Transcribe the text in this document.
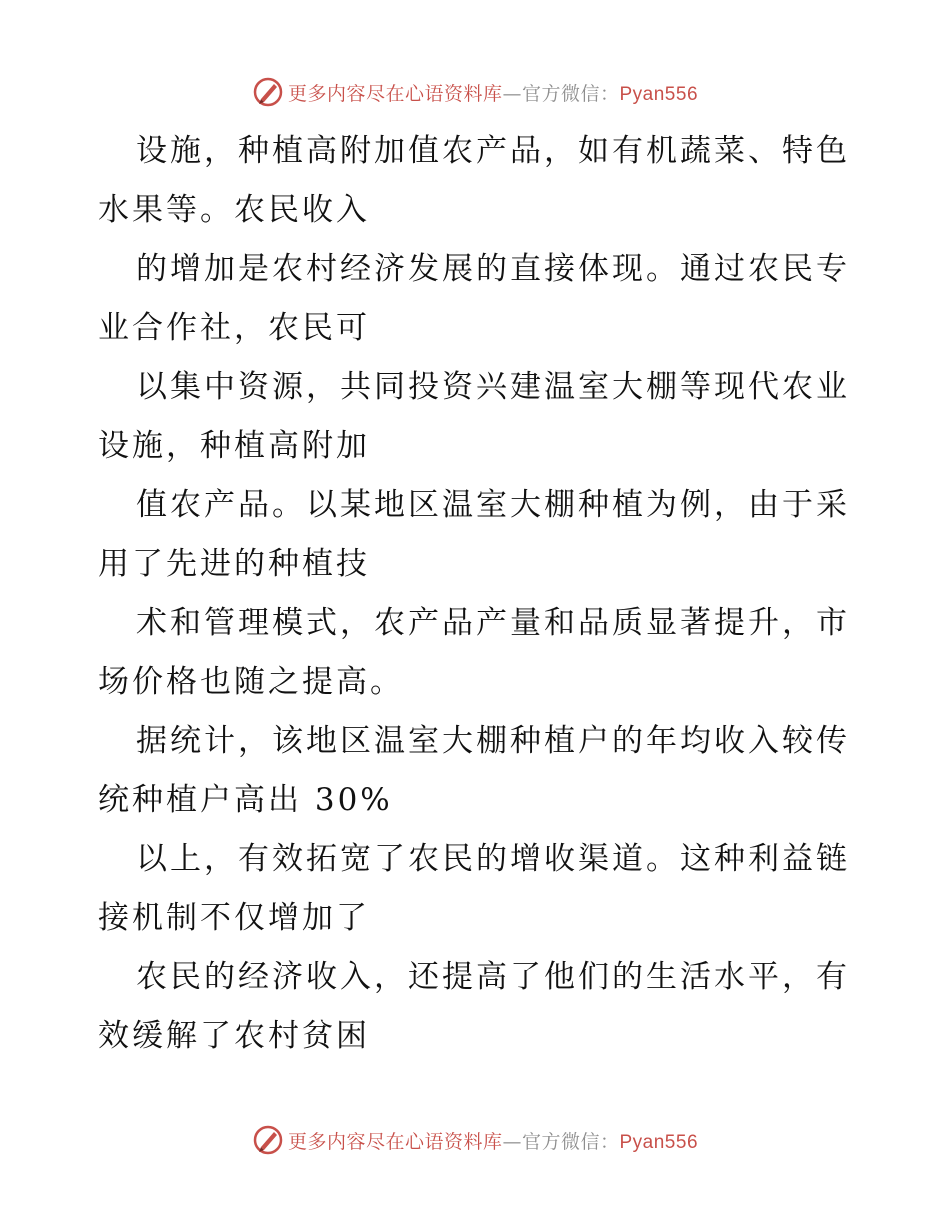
更多内容尽在心语资料库—官方微信：Pyan556

设施，种植高附加值农产品，如有机蔬菜、特色
水果等。农民收入

的增加是农村经济发展的直接体现。通过农民专
业合作社，农民可

以集中资源，共同投资兴建温室大棚等现代农业
设施，种植高附加

值农产品。以某地区温室大棚种植为例，由于采
用了先进的种植技

术和管理模式，农产品产量和品质显著提升，市
场价格也随之提高。

据统计，该地区温室大棚种植户的年均收入较传
统种植户高出 30%

以上，有效拓宽了农民的增收渠道。这种利益链
接机制不仅增加了

农民的经济收入，还提高了他们的生活水平，有
效缓解了农村贫困

更多内容尽在心语资料库—官方微信：Pyan556
